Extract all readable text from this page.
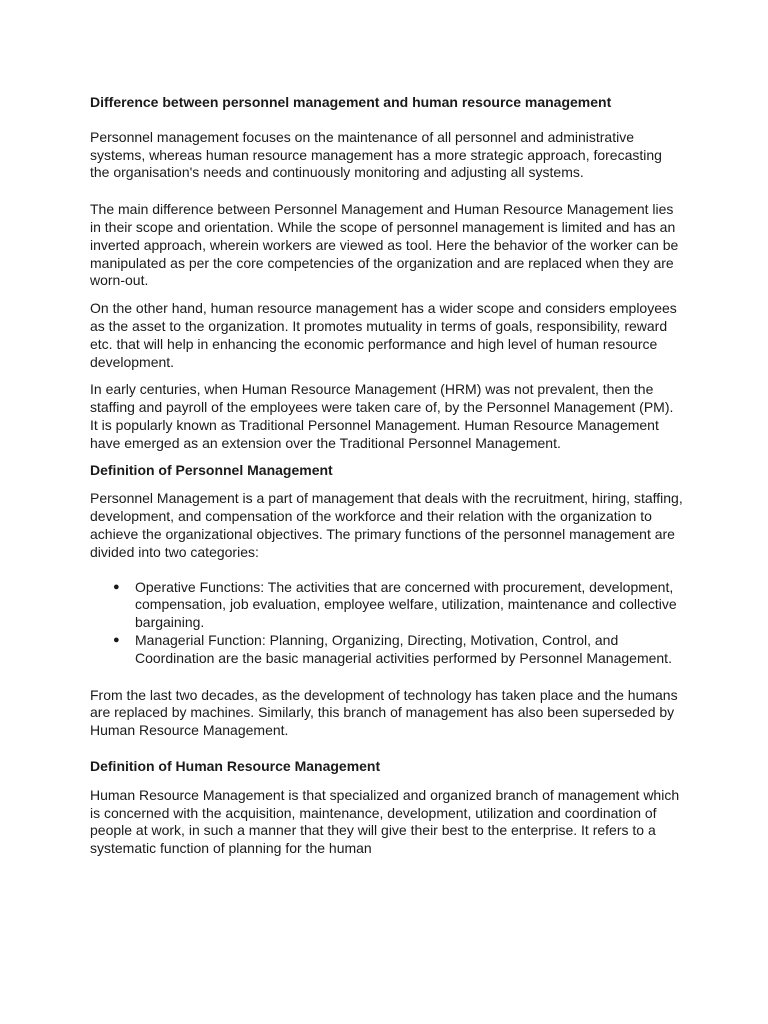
Difference between personnel management and human resource management

Personnel management focuses on the maintenance of all personnel and administrative systems, whereas human resource management has a more strategic approach, forecasting the organisation's needs and continuously monitoring and adjusting all systems.

The main difference between Personnel Management and Human Resource Management lies in their scope and orientation. While the scope of personnel management is limited and has an inverted approach, wherein workers are viewed as tool. Here the behavior of the worker can be manipulated as per the core competencies of the organization and are replaced when they are worn-out.

On the other hand, human resource management has a wider scope and considers employees as the asset to the organization. It promotes mutuality in terms of goals, responsibility, reward etc. that will help in enhancing the economic performance and high level of human resource development.

In early centuries, when Human Resource Management (HRM) was not prevalent, then the staffing and payroll of the employees were taken care of, by the Personnel Management (PM). It is popularly known as Traditional Personnel Management. Human Resource Management have emerged as an extension over the Traditional Personnel Management.

Definition of Personnel Management

Personnel Management is a part of management that deals with the recruitment, hiring, staffing, development, and compensation of the workforce and their relation with the organization to achieve the organizational objectives. The primary functions of the personnel management are divided into two categories:

● Operative Functions: The activities that are concerned with procurement, development, compensation, job evaluation, employee welfare, utilization, maintenance and collective bargaining.
● Managerial Function: Planning, Organizing, Directing, Motivation, Control, and Coordination are the basic managerial activities performed by Personnel Management.

From the last two decades, as the development of technology has taken place and the humans are replaced by machines. Similarly, this branch of management has also been superseded by Human Resource Management.

Definition of Human Resource Management

Human Resource Management is that specialized and organized branch of management which is concerned with the acquisition, maintenance, development, utilization and coordination of people at work, in such a manner that they will give their best to the enterprise. It refers to a systematic function of planning for the human
